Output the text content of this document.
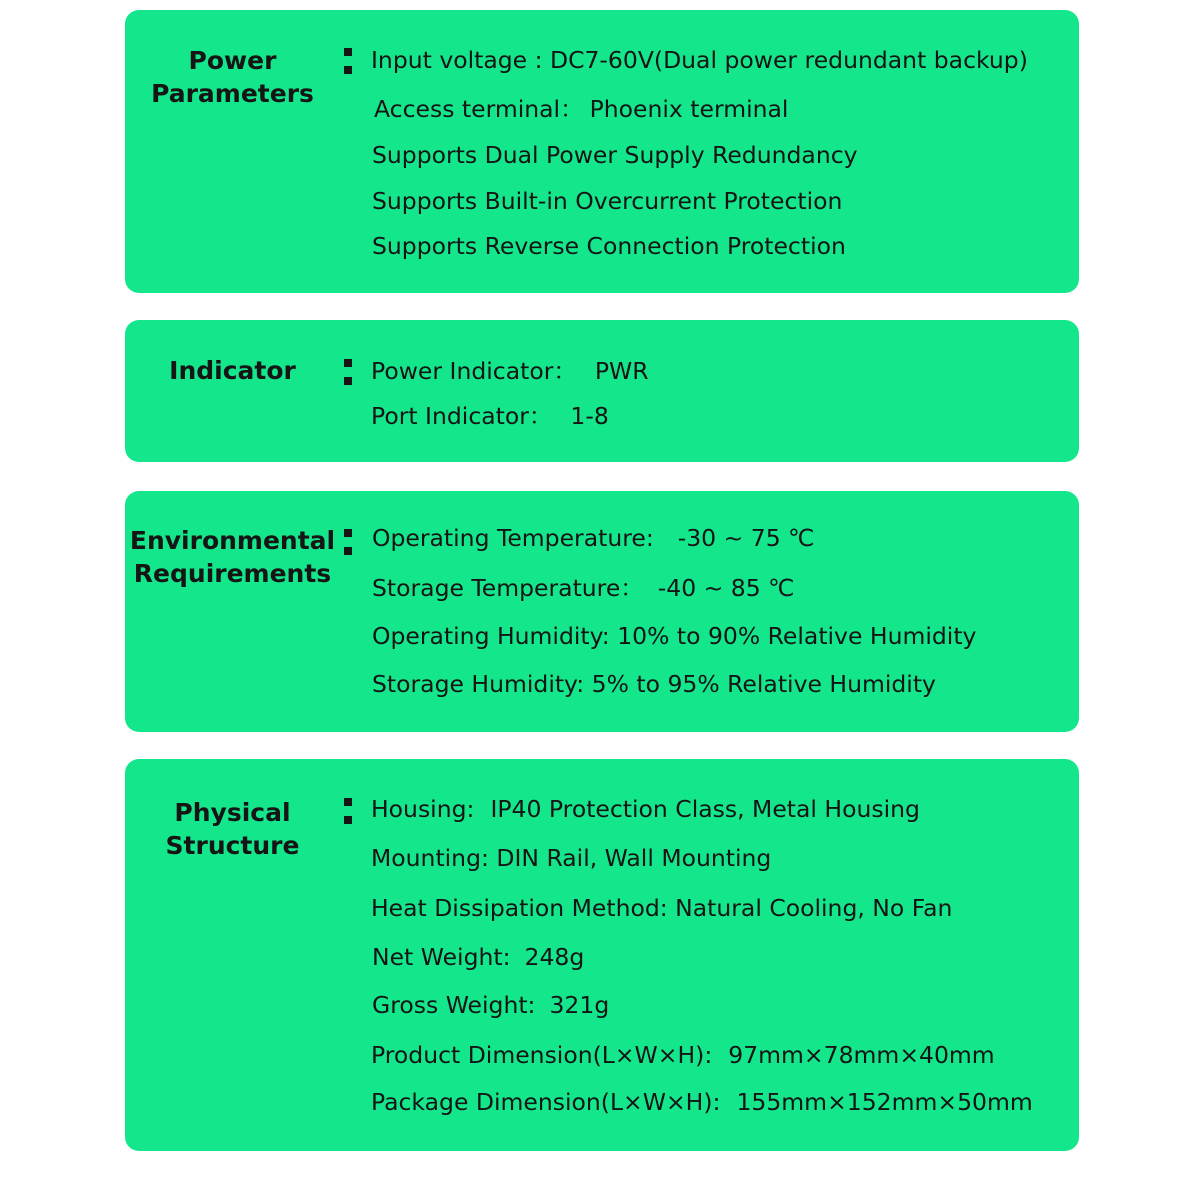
Power
Parameters
Input voltage : DC7-60V(Dual power redundant backup)
Access terminal： Phoenix terminal
Supports Dual Power Supply Redundancy
Supports Built-in Overcurrent Protection
Supports Reverse Connection Protection
Indicator	Power Indicator： PWR
Port Indicator： 1-8
Environmental
Requirements
Operating Temperature: -30 ~ 75 ℃
Storage Temperature： -40 ~ 85 ℃
Operating Humidity: 10% to 90% Relative Humidity
Storage Humidity: 5% to 95% Relative Humidity
Physical
Structure
Housing: IP40 Protection Class, Metal Housing
Mounting: DIN Rail, Wall Mounting
Heat Dissipation Method: Natural Cooling, No Fan
Net Weight: 248g
Gross Weight: 321g
Product Dimension(L×W×H): 97mm×78mm×40mm
Package Dimension(L×W×H): 155mm×152mm×50mm
